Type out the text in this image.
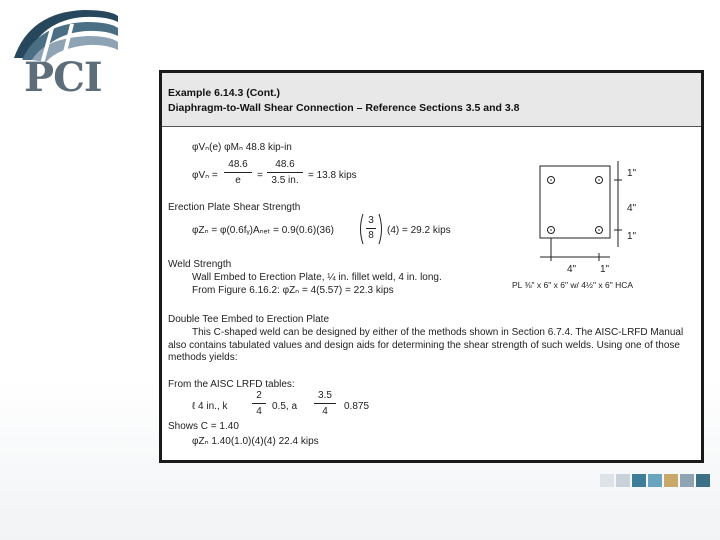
PCI	Example 6.14.3 (Cont.)
Diaphragm-to-Wall Shear Connection – Reference Sections 3.5 and 3.8
φVₙ(e) φMₙ 48.8 kip-in
φVₙ =
48.6
e	=
48.6
3.5 in. = 13.8 kips
Erection Plate Shear Strength
φZₙ = φ(0.6fᵧ)Aₙₑₜ = 0.9(0.6)(36)
3
8	(4) = 29.2 kips
Weld Strength
Wall Embed to Erection Plate, ¼ in. fillet weld, 4 in. long.
From Figure 6.16.2: φZₙ = 4(5.57) = 22.3 kips
Double Tee Embed to Erection Plate
This C-shaped weld can be designed by either of the methods shown in Section 6.7.4. The AISC-LRFD Manual also contains tabulated values and design aids for determining the shear strength of such welds. Using one of those methods yields:
From the AISC LRFD tables:
ℓ 4 in., k
2
4	0.5, a
3.5
4	0.875
Shows C = 1.40
φZₙ 1.40(1.0)(4)(4) 22.4 kips
1"
4"
1"
4" 1"
PL ⅜" x 6" x 6" w/ 4½" x 6" HCA
